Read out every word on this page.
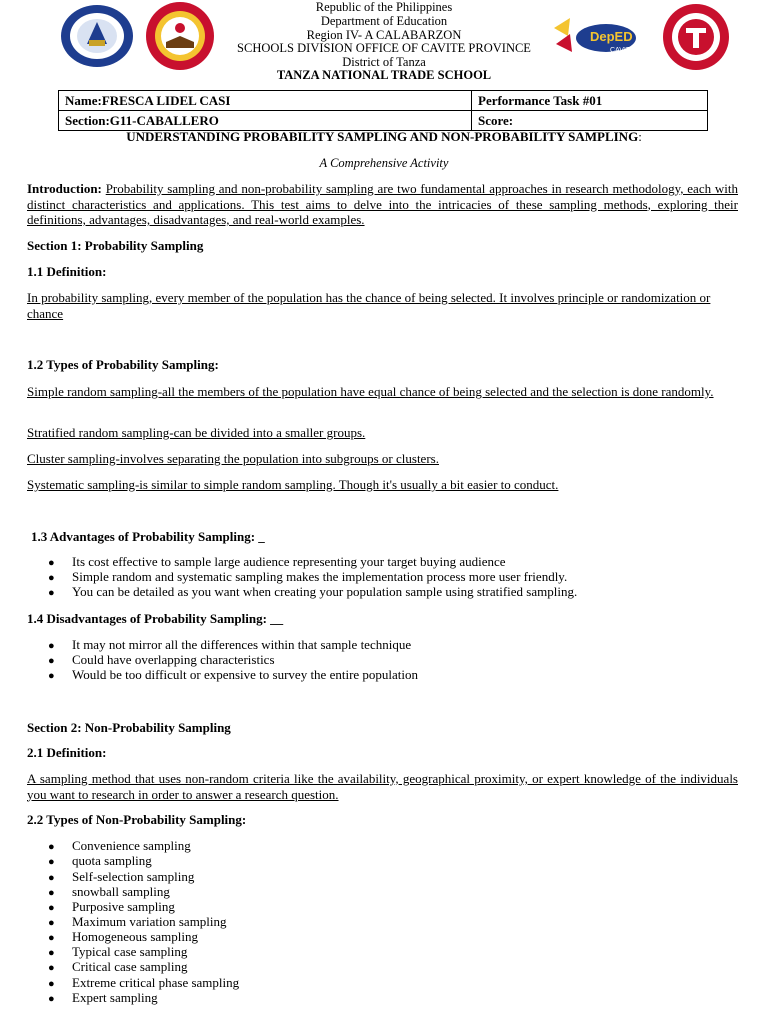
DepED
CAVITE
Republic of the Philippines
Department of Education
Region IV- A CALABARZON
SCHOOLS DIVISION OFFICE OF CAVITE PROVINCE
District of Tanza
TANZA NATIONAL TRADE SCHOOL
Name:FRESCA LIDEL CASI	Performance Task #01
Section:G11-CABALLERO	Score:
UNDERSTANDING PROBABILITY SAMPLING AND NON-PROBABILITY SAMPLING:
A Comprehensive Activity
Introduction: Probability sampling and non-probability sampling are two fundamental approaches in research methodology, each with distinct characteristics and applications. This test aims to delve into the intricacies of these sampling methods, exploring their definitions, advantages, disadvantages, and real-world examples.
Section 1: Probability Sampling
1.1 Definition:
In probability sampling, every member of the population has the chance of being selected. It involves principle or randomization or chance
1.2 Types of Probability Sampling:
Simple random sampling-all the members of the population have equal chance of being selected and the selection is done randomly.
Stratified random sampling-can be divided into a smaller groups.
Cluster sampling-involves separating the population into subgroups or clusters.
Systematic sampling-is similar to simple random sampling. Though it's usually a bit easier to conduct.
1.3 Advantages of Probability Sampling: _
● Its cost effective to sample large audience representing your target buying audience
● Simple random and systematic sampling makes the implementation process more user friendly.
● You can be detailed as you want when creating your population sample using stratified sampling.
1.4 Disadvantages of Probability Sampling: __
● It may not mirror all the differences within that sample technique
● Could have overlapping characteristics
● Would be too difficult or expensive to survey the entire population
Section 2: Non-Probability Sampling
2.1 Definition:
A sampling method that uses non-random criteria like the availability, geographical proximity, or expert knowledge of the individuals you want to research in order to answer a research question.
2.2 Types of Non-Probability Sampling:
● Convenience sampling
● quota sampling
● Self-selection sampling
● snowball sampling
● Purposive sampling
● Maximum variation sampling
● Homogeneous sampling
● Typical case sampling
● Critical case sampling
● Extreme critical phase sampling
● Expert sampling
